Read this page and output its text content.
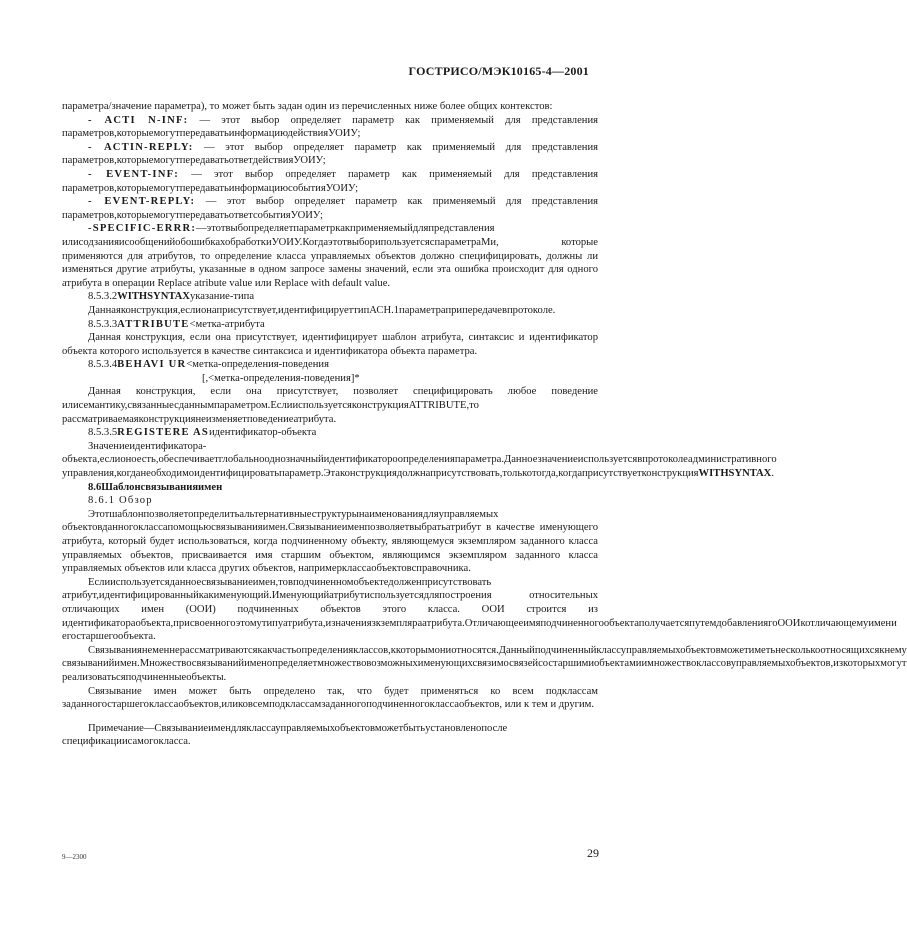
ГОСТРИСО/МЭК10165-4—2001

параметра/значение параметра), то может быть задан один из перечисленных ниже более общих контекстов:

- ACTI N-INF: — этот выбор определяет параметр как применяемый для представления параметров,которыемогутпередаватьинформациюдействияУОИУ;

- ACTIN-REPLY: — этот выбор определяет параметр как применяемый для представления параметров,которыемогутпередаватьответдействияУОИУ;

- EVENT-INF: — этот выбор определяет параметр как применяемый для представления параметров,которыемогутпередаватьинформациюсобытияУОИУ;

- EVENT-REPLY: — этот выбор определяет параметр как применяемый для представления параметров,которыемогутпередаватьответсобытияУОИУ;

-SPECIFIC-ERRR:—этотвыбопределяетпараметркакприменяемыйдляпредставления илисодзанияисообщенийобошибкахобработкиУОИУ.КогдаэтотвыборипользуетсяспараметраМи, которые применяются для атрибутов, то определение класса управляемых объектов должно специфицировать, должны ли изменяться другие атрибуты, указанные в одном запросе замены значений, если эта ошибка происходит для одного атрибута в операции Replace atribute value или Replace with default value.

8.5.3.2WITHSYNTAXуказание-типа

Даннаяконструкция,еслионаприсутствует,идентифицируеттипАСН.1параметраприпередачевпротоколе.

8.5.3.3ATTRIBUTE<метка-атрибута

Данная конструкция, если она присутствует, идентифицирует шаблон атрибута, синтаксис и идентификатор объекта которого используется в качестве синтаксиса и идентификатора объекта параметра.

8.5.3.4BEHAVI UR<метка-определения-поведения

[,<метка-определения-поведения]*

Данная конструкция, если она присутствует, позволяет специфицировать любое поведение илисемантику,связанныесданнымпараметром.ЕслииспользуетсяконструкцияATTRIBUTE,то рассматриваемаяконструкциянеизменяетповедениеатрибута.

8.5.3.5REGISTERE ASидентификатор-объекта

Значениеидентификатора-объекта,еслионоесть,обеспечиваетглобальнооднозначныйидентификатороопределенияпараметра.Данноезначениеиспользуетсявпротоколеадминистративного управления,когданеобходимоидентифицироватьпараметр.Этаконструкциядолжнаприсутствовать,толькотогда,когдаприсутствуетконструкцияWITHSYNTAX.

8.6Шаблонсвязыванияимен

8.6.1 Обзор

Этотшаблонпозволяетопределитьальтернативныеструктурынаименованиядляуправляемых объектовданногоклассапомощьюсвязыванияимен.Связываниеименпозволяетвыбратьатрибут в качестве именующего атрибута, который будет использоваться, когда подчиненному объекту, являющемуся экземпляром заданного класса управляемых объектов, присваивается имя старшим объектом, являющимся экземпляром заданного класса управляемых объектов или класса других объектов, напримерклассаобъектовсправочника.

Еслииспользуетсяданноесвязываниеимен,товподчиненномобъектедолженприсутствовать атрибут,идентифицированныйкакименующий.Именующийатрибутиспользуетсядляпостроения относительных отличающих имен (ООИ) подчиненных объектов этого класса. ООИ строится из идентификатораобъекта,присвоенногоэтомутипуатрибута,изначениязкземпляраатрибута.ОтличающееимяподчиненногообъектаполучаетсяпутемдобавлениягоООИкотличающемуимени егостаршегообъекта.

Связываниянеменнерассматриваютсякакчастьопределенияклассов,ккоторымониотносятся.Данныйподчиненныйклассуправляемыхобъектовможетиметьнесколькоотносящихсякнему связыванийимен.Множествосвязыванийименопределяетмножествовозможныхименующихсвязимосвязейсостаршимиобъектамиимножествоклассовуправляемыхобъектов,изкоторыхмогут реализоватьсяподчиненныеобъекты.

Связывание имен может быть определено так, что будет применяться ко всем подклассам заданногостаршегоклассаобъектов,иликовсемподклассамзаданногоподчиненногоклассаобъектов, или к тем и другим.

Примечание—Связываниеимендляклассауправляемыхобъектовможетбытьустановленопосле спецификациисамогокласса.

9—2300	29
